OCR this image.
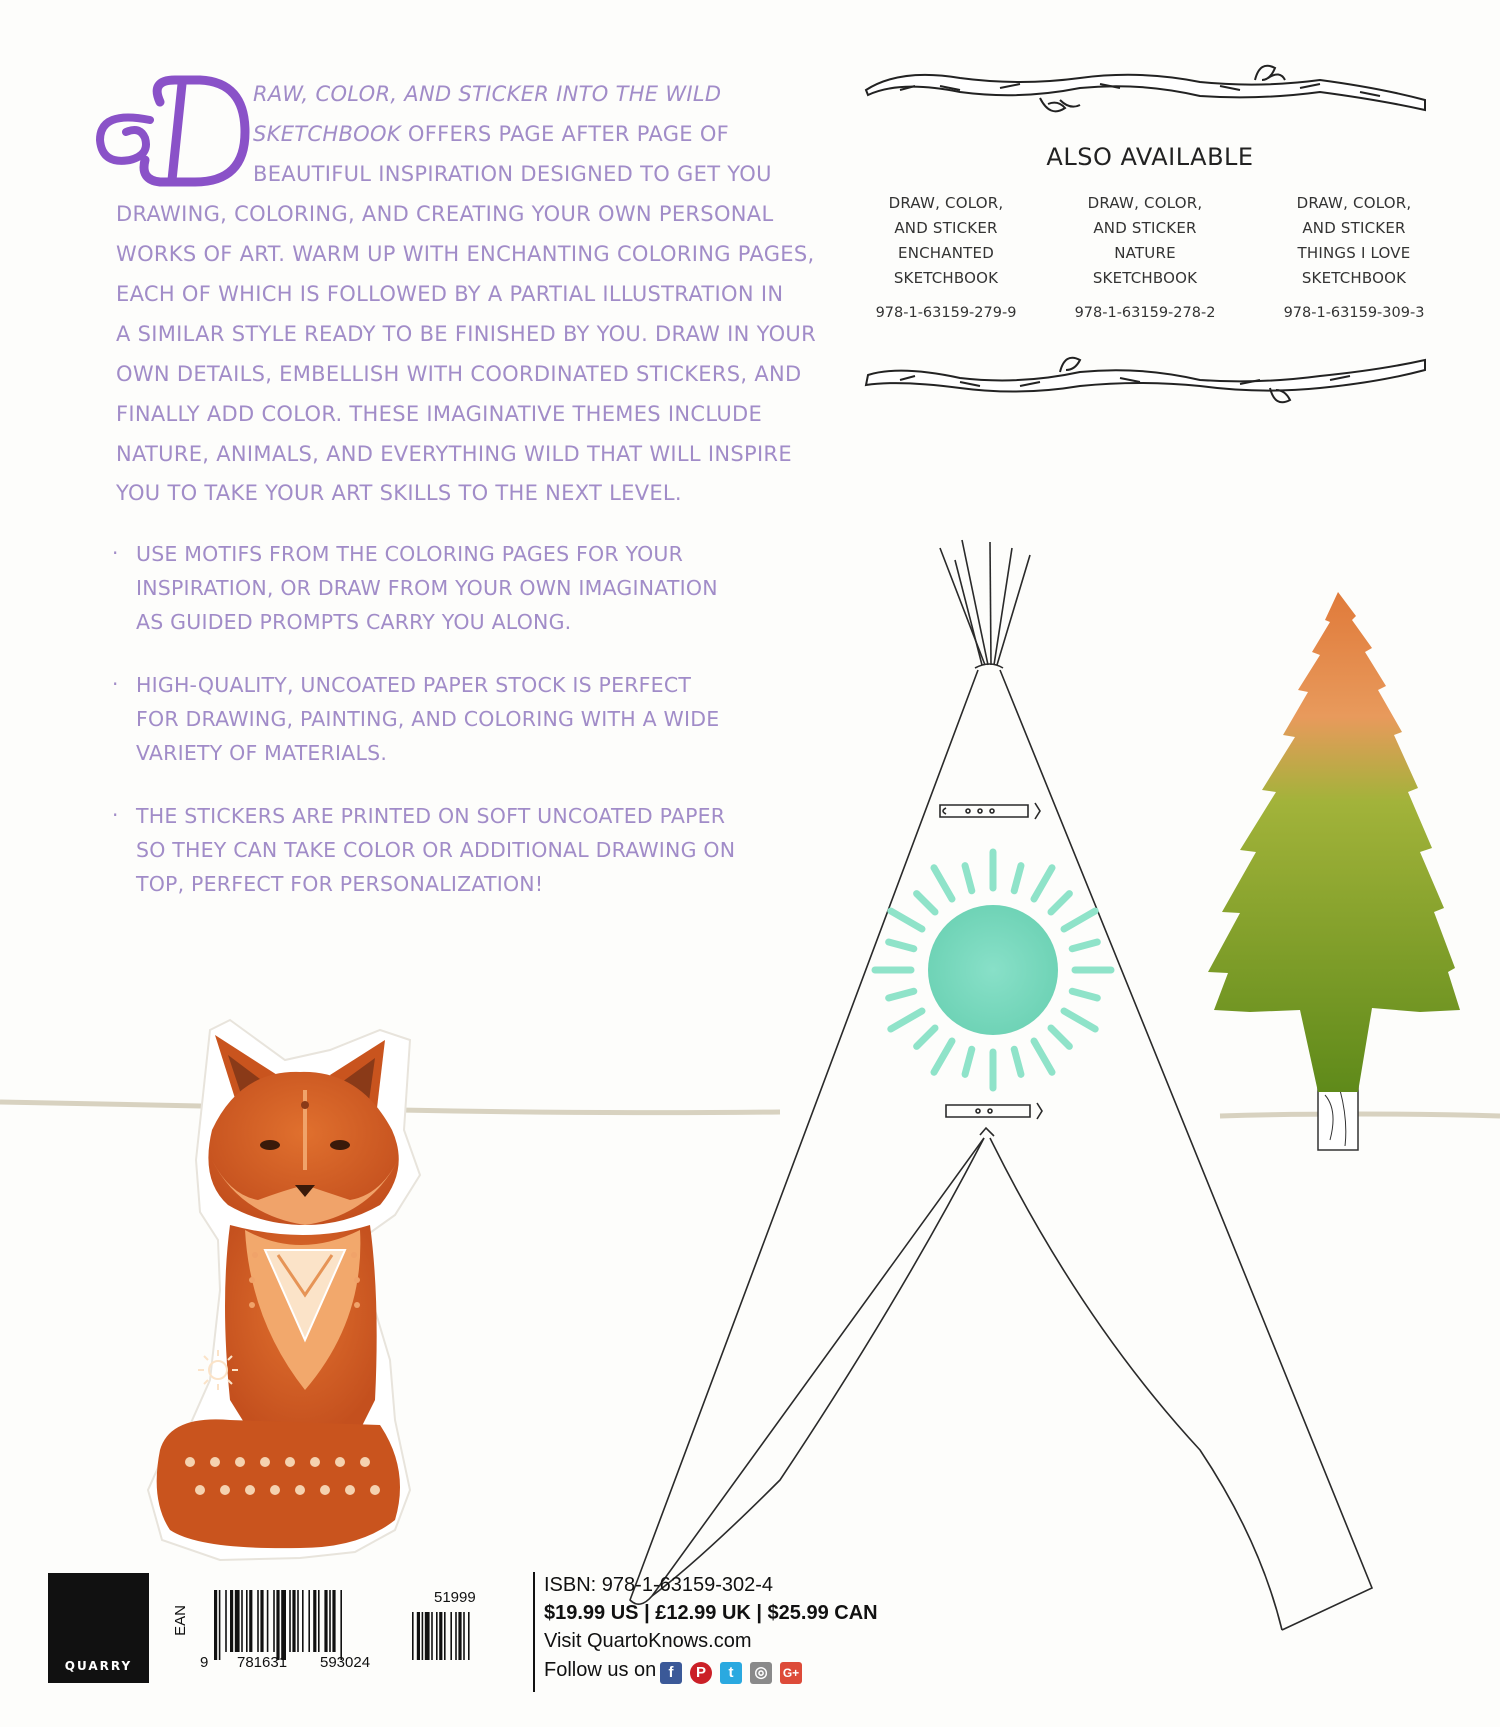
RAW, COLOR, AND STICKER INTO THE WILD
SKETCHBOOK OFFERS PAGE AFTER PAGE OF
BEAUTIFUL INSPIRATION DESIGNED TO GET YOU
DRAWING, COLORING, AND CREATING YOUR OWN PERSONAL
WORKS OF ART. WARM UP WITH ENCHANTING COLORING PAGES,
EACH OF WHICH IS FOLLOWED BY A PARTIAL ILLUSTRATION IN
A SIMILAR STYLE READY TO BE FINISHED BY YOU. DRAW IN YOUR
OWN DETAILS, EMBELLISH WITH COORDINATED STICKERS, AND
FINALLY ADD COLOR. THESE IMAGINATIVE THEMES INCLUDE
NATURE, ANIMALS, AND EVERYTHING WILD THAT WILL INSPIRE
YOU TO TAKE YOUR ART SKILLS TO THE NEXT LEVEL.
· USE MOTIFS FROM THE COLORING PAGES FOR YOUR
INSPIRATION, OR DRAW FROM YOUR OWN IMAGINATION
AS GUIDED PROMPTS CARRY YOU ALONG.
· HIGH-QUALITY, UNCOATED PAPER STOCK IS PERFECT
FOR DRAWING, PAINTING, AND COLORING WITH A WIDE
VARIETY OF MATERIALS.
· THE STICKERS ARE PRINTED ON SOFT UNCOATED PAPER
SO THEY CAN TAKE COLOR OR ADDITIONAL DRAWING ON
TOP, PERFECT FOR PERSONALIZATION!
ALSO AVAILABLE
DRAW, COLOR,
AND STICKER
ENCHANTED
SKETCHBOOK
978-1-63159-279-9
DRAW, COLOR,
AND STICKER
NATURE
SKETCHBOOK
978-1-63159-278-2
DRAW, COLOR,
AND STICKER
THINGS I LOVE
SKETCHBOOK
978-1-63159-309-3
QUARRY
EAN
51999
9 781631 593024
ISBN: 978-1-63159-302-4
$19.99 US | £12.99 UK | $25.99 CAN
Visit QuartoKnows.com
Follow us on f	P	t	◎	G+
